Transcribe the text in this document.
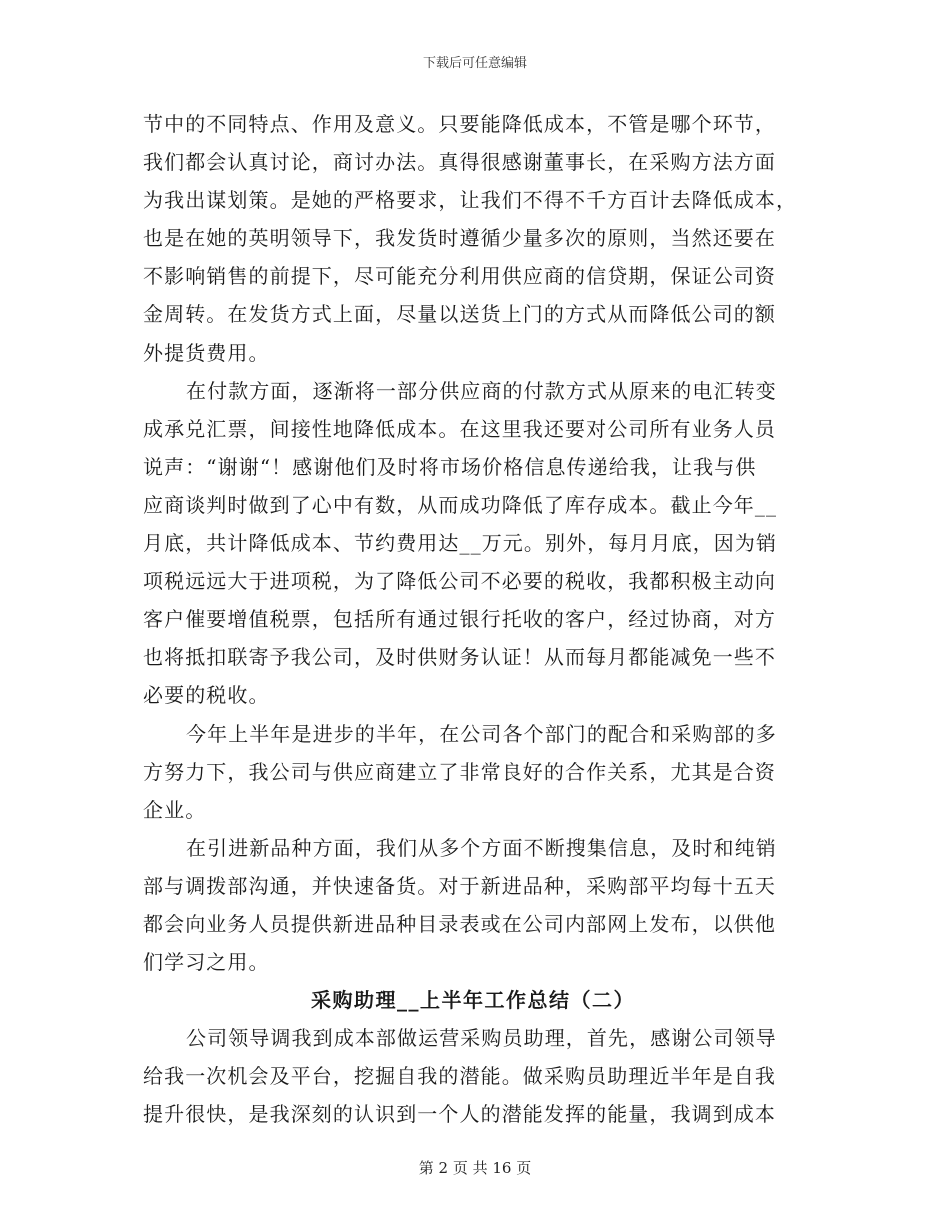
下载后可任意编辑
节中的不同特点、作用及意义。只要能降低成本，不管是哪个环节，
我们都会认真讨论，商讨办法。真得很感谢董事长，在采购方法方面
为我出谋划策。是她的严格要求，让我们不得不千方百计去降低成本，
也是在她的英明领导下，我发货时遵循少量多次的原则，当然还要在
不影响销售的前提下，尽可能充分利用供应商的信贷期，保证公司资
金周转。在发货方式上面，尽量以送货上门的方式从而降低公司的额
外提货费用。
在付款方面，逐渐将一部分供应商的付款方式从原来的电汇转变
成承兑汇票，间接性地降低成本。在这里我还要对公司所有业务人员
说声：“谢谢“！感谢他们及时将市场价格信息传递给我，让我与供
应商谈判时做到了心中有数，从而成功降低了库存成本。截止今年__
月底，共计降低成本、节约费用达__万元。别外，每月月底，因为销
项税远远大于进项税，为了降低公司不必要的税收，我都积极主动向
客户催要增值税票，包括所有通过银行托收的客户，经过协商，对方
也将抵扣联寄予我公司，及时供财务认证！从而每月都能减免一些不
必要的税收。
今年上半年是进步的半年，在公司各个部门的配合和采购部的多
方努力下，我公司与供应商建立了非常良好的合作关系，尤其是合资
企业。
在引进新品种方面，我们从多个方面不断搜集信息，及时和纯销
部与调拨部沟通，并快速备货。对于新进品种，采购部平均每十五天
都会向业务人员提供新进品种目录表或在公司内部网上发布，以供他
们学习之用。
采购助理__上半年工作总结（二）
公司领导调我到成本部做运营采购员助理，首先，感谢公司领导
给我一次机会及平台，挖掘自我的潜能。做采购员助理近半年是自我
提升很快，是我深刻的认识到一个人的潜能发挥的能量，我调到成本
第 2 页 共 16 页
